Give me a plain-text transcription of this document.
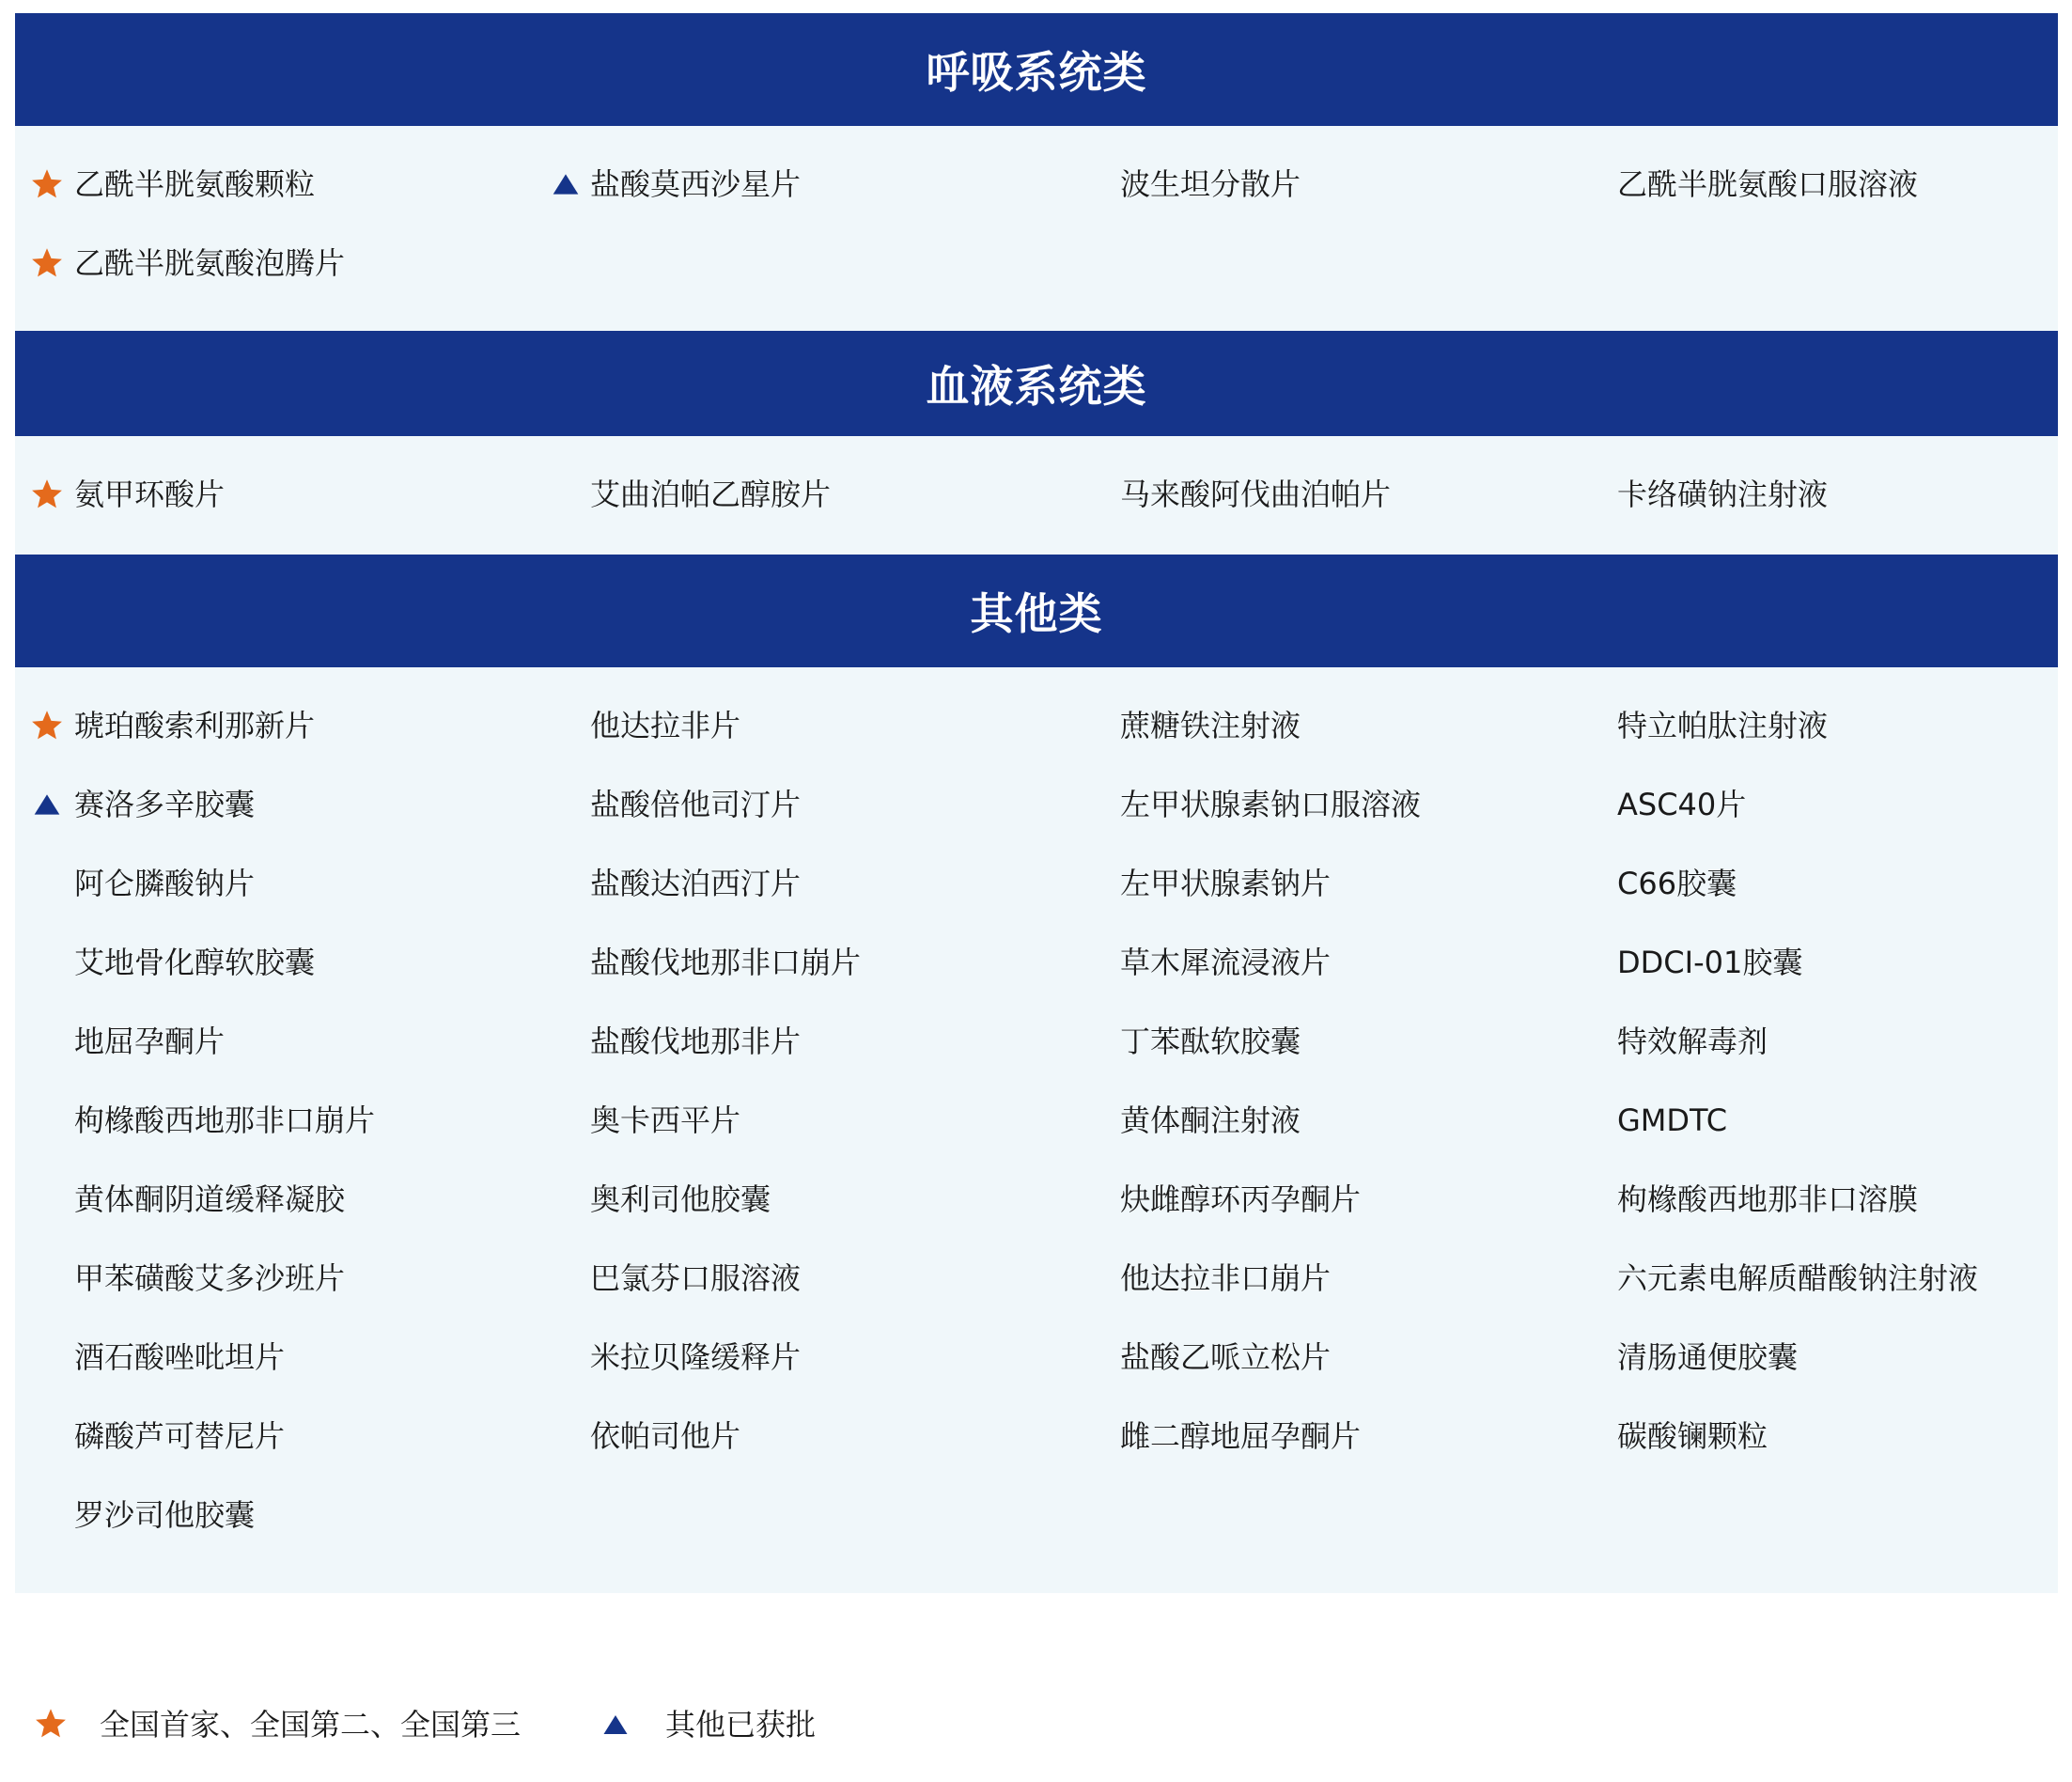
呼吸系统类
乙酰半胱氨酸颗粒	盐酸莫西沙星片	波生坦分散片	乙酰半胱氨酸口服溶液
乙酰半胱氨酸泡腾片
血液系统类
氨甲环酸片	艾曲泊帕乙醇胺片	马来酸阿伐曲泊帕片	卡络磺钠注射液
其他类
琥珀酸索利那新片	他达拉非片	蔗糖铁注射液	特立帕肽注射液
赛洛多辛胶囊	盐酸倍他司汀片	左甲状腺素钠口服溶液	ASC40片
阿仑膦酸钠片	盐酸达泊西汀片	左甲状腺素钠片	C66胶囊
艾地骨化醇软胶囊	盐酸伐地那非口崩片	草木犀流浸液片	DDCⅠ-01胶囊
地屈孕酮片	盐酸伐地那非片	丁苯酞软胶囊	特效解毒剂
枸橼酸西地那非口崩片	奥卡西平片	黄体酮注射液	GMDTC
黄体酮阴道缓释凝胶	奥利司他胶囊	炔雌醇环丙孕酮片	枸橼酸西地那非口溶膜
甲苯磺酸艾多沙班片	巴氯芬口服溶液	他达拉非口崩片	六元素电解质醋酸钠注射液
酒石酸唑吡坦片	米拉贝隆缓释片	盐酸乙哌立松片	清肠通便胶囊
磷酸芦可替尼片	依帕司他片	雌二醇地屈孕酮片	碳酸镧颗粒
罗沙司他胶囊
全国首家、全国第二、全国第三	其他已获批
